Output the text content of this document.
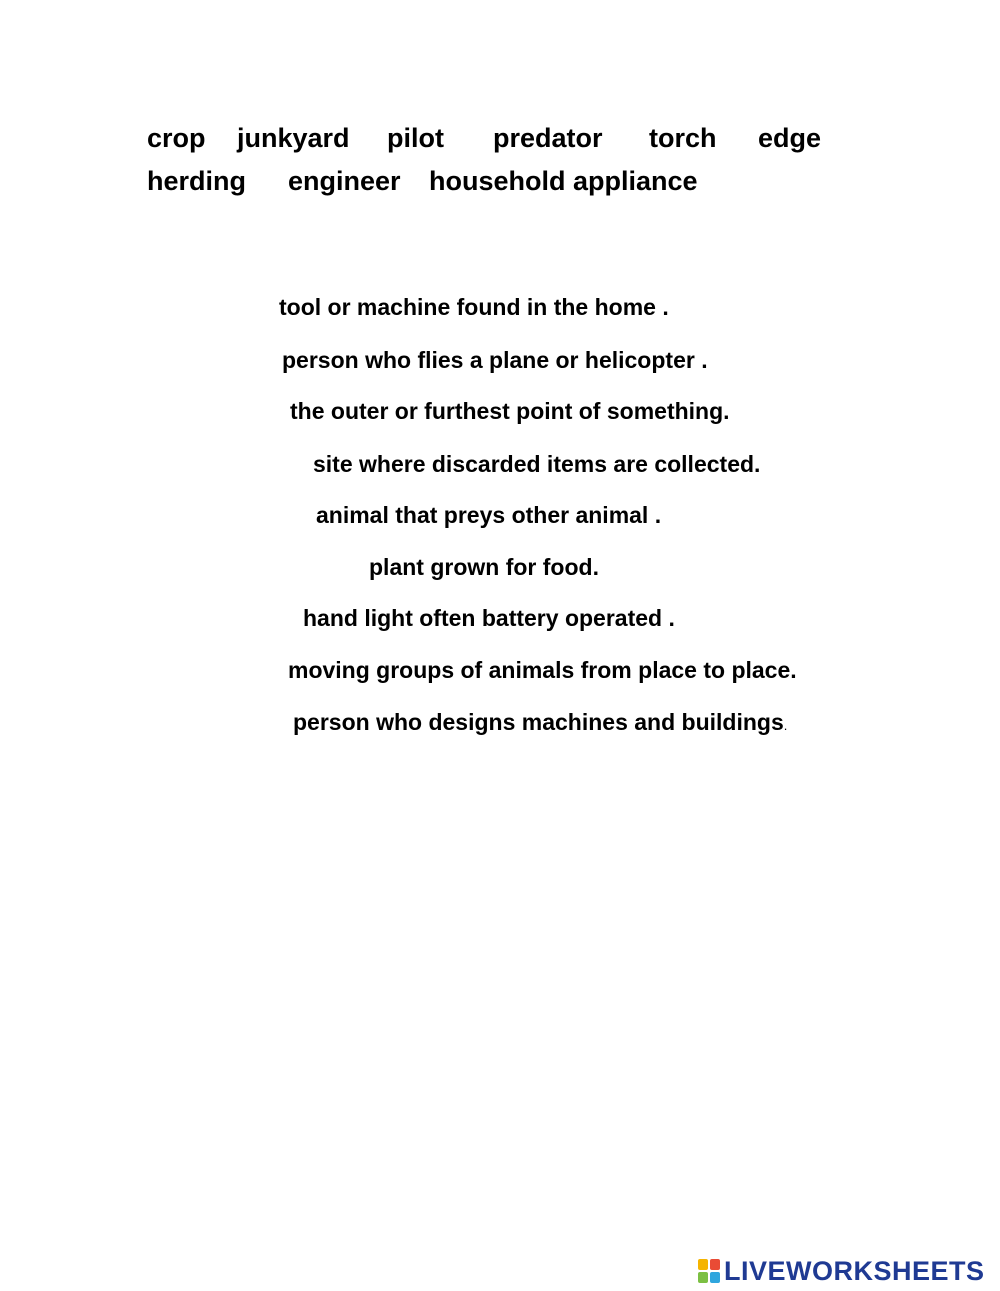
crop junkyard pilot predator torch edge
herding engineer household appliance
tool or machine found in the home .
person who flies a plane or helicopter .
the outer or furthest point of something.
site where discarded items are collected.
animal that preys other animal .
plant grown for food.
hand light often battery operated .
moving groups of animals from place to place.
person who designs machines and buildings.
LIVEWORKSHEETS
